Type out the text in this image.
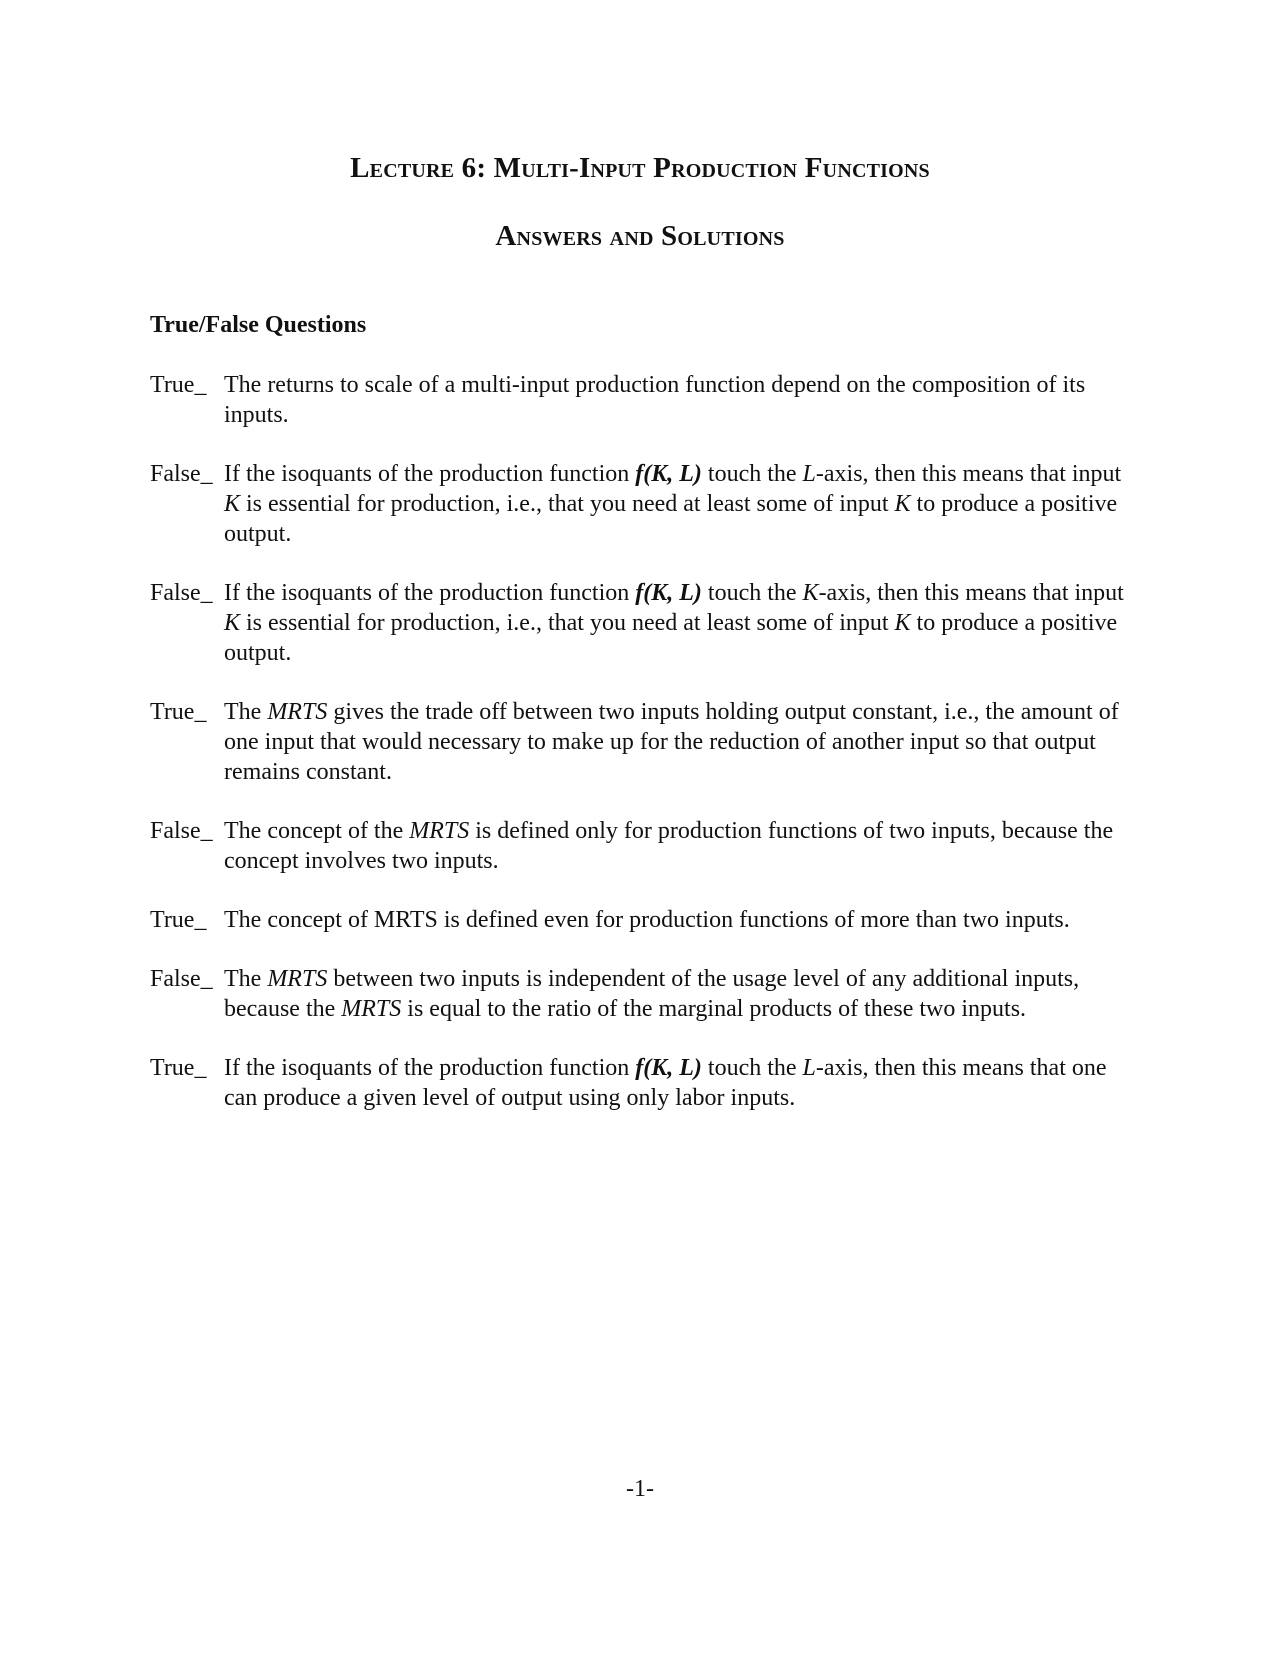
Lecture 6: Multi-Input Production Functions
Answers and Solutions
True/False Questions
True_ The returns to scale of a multi-input production function depend on the composition of its inputs.
False_ If the isoquants of the production function f(K, L) touch the L-axis, then this means that input K is essential for production, i.e., that you need at least some of input K to produce a positive output.
False_ If the isoquants of the production function f(K, L) touch the K-axis, then this means that input K is essential for production, i.e., that you need at least some of input K to produce a positive output.
True_ The MRTS gives the trade off between two inputs holding output constant, i.e., the amount of one input that would necessary to make up for the reduction of another input so that output remains constant.
False_ The concept of the MRTS is defined only for production functions of two inputs, because the concept involves two inputs.
True_ The concept of MRTS is defined even for production functions of more than two inputs.
False_ The MRTS between two inputs is independent of the usage level of any additional inputs, because the MRTS is equal to the ratio of the marginal products of these two inputs.
True_ If the isoquants of the production function f(K, L) touch the L-axis, then this means that one can produce a given level of output using only labor inputs.
-1-
